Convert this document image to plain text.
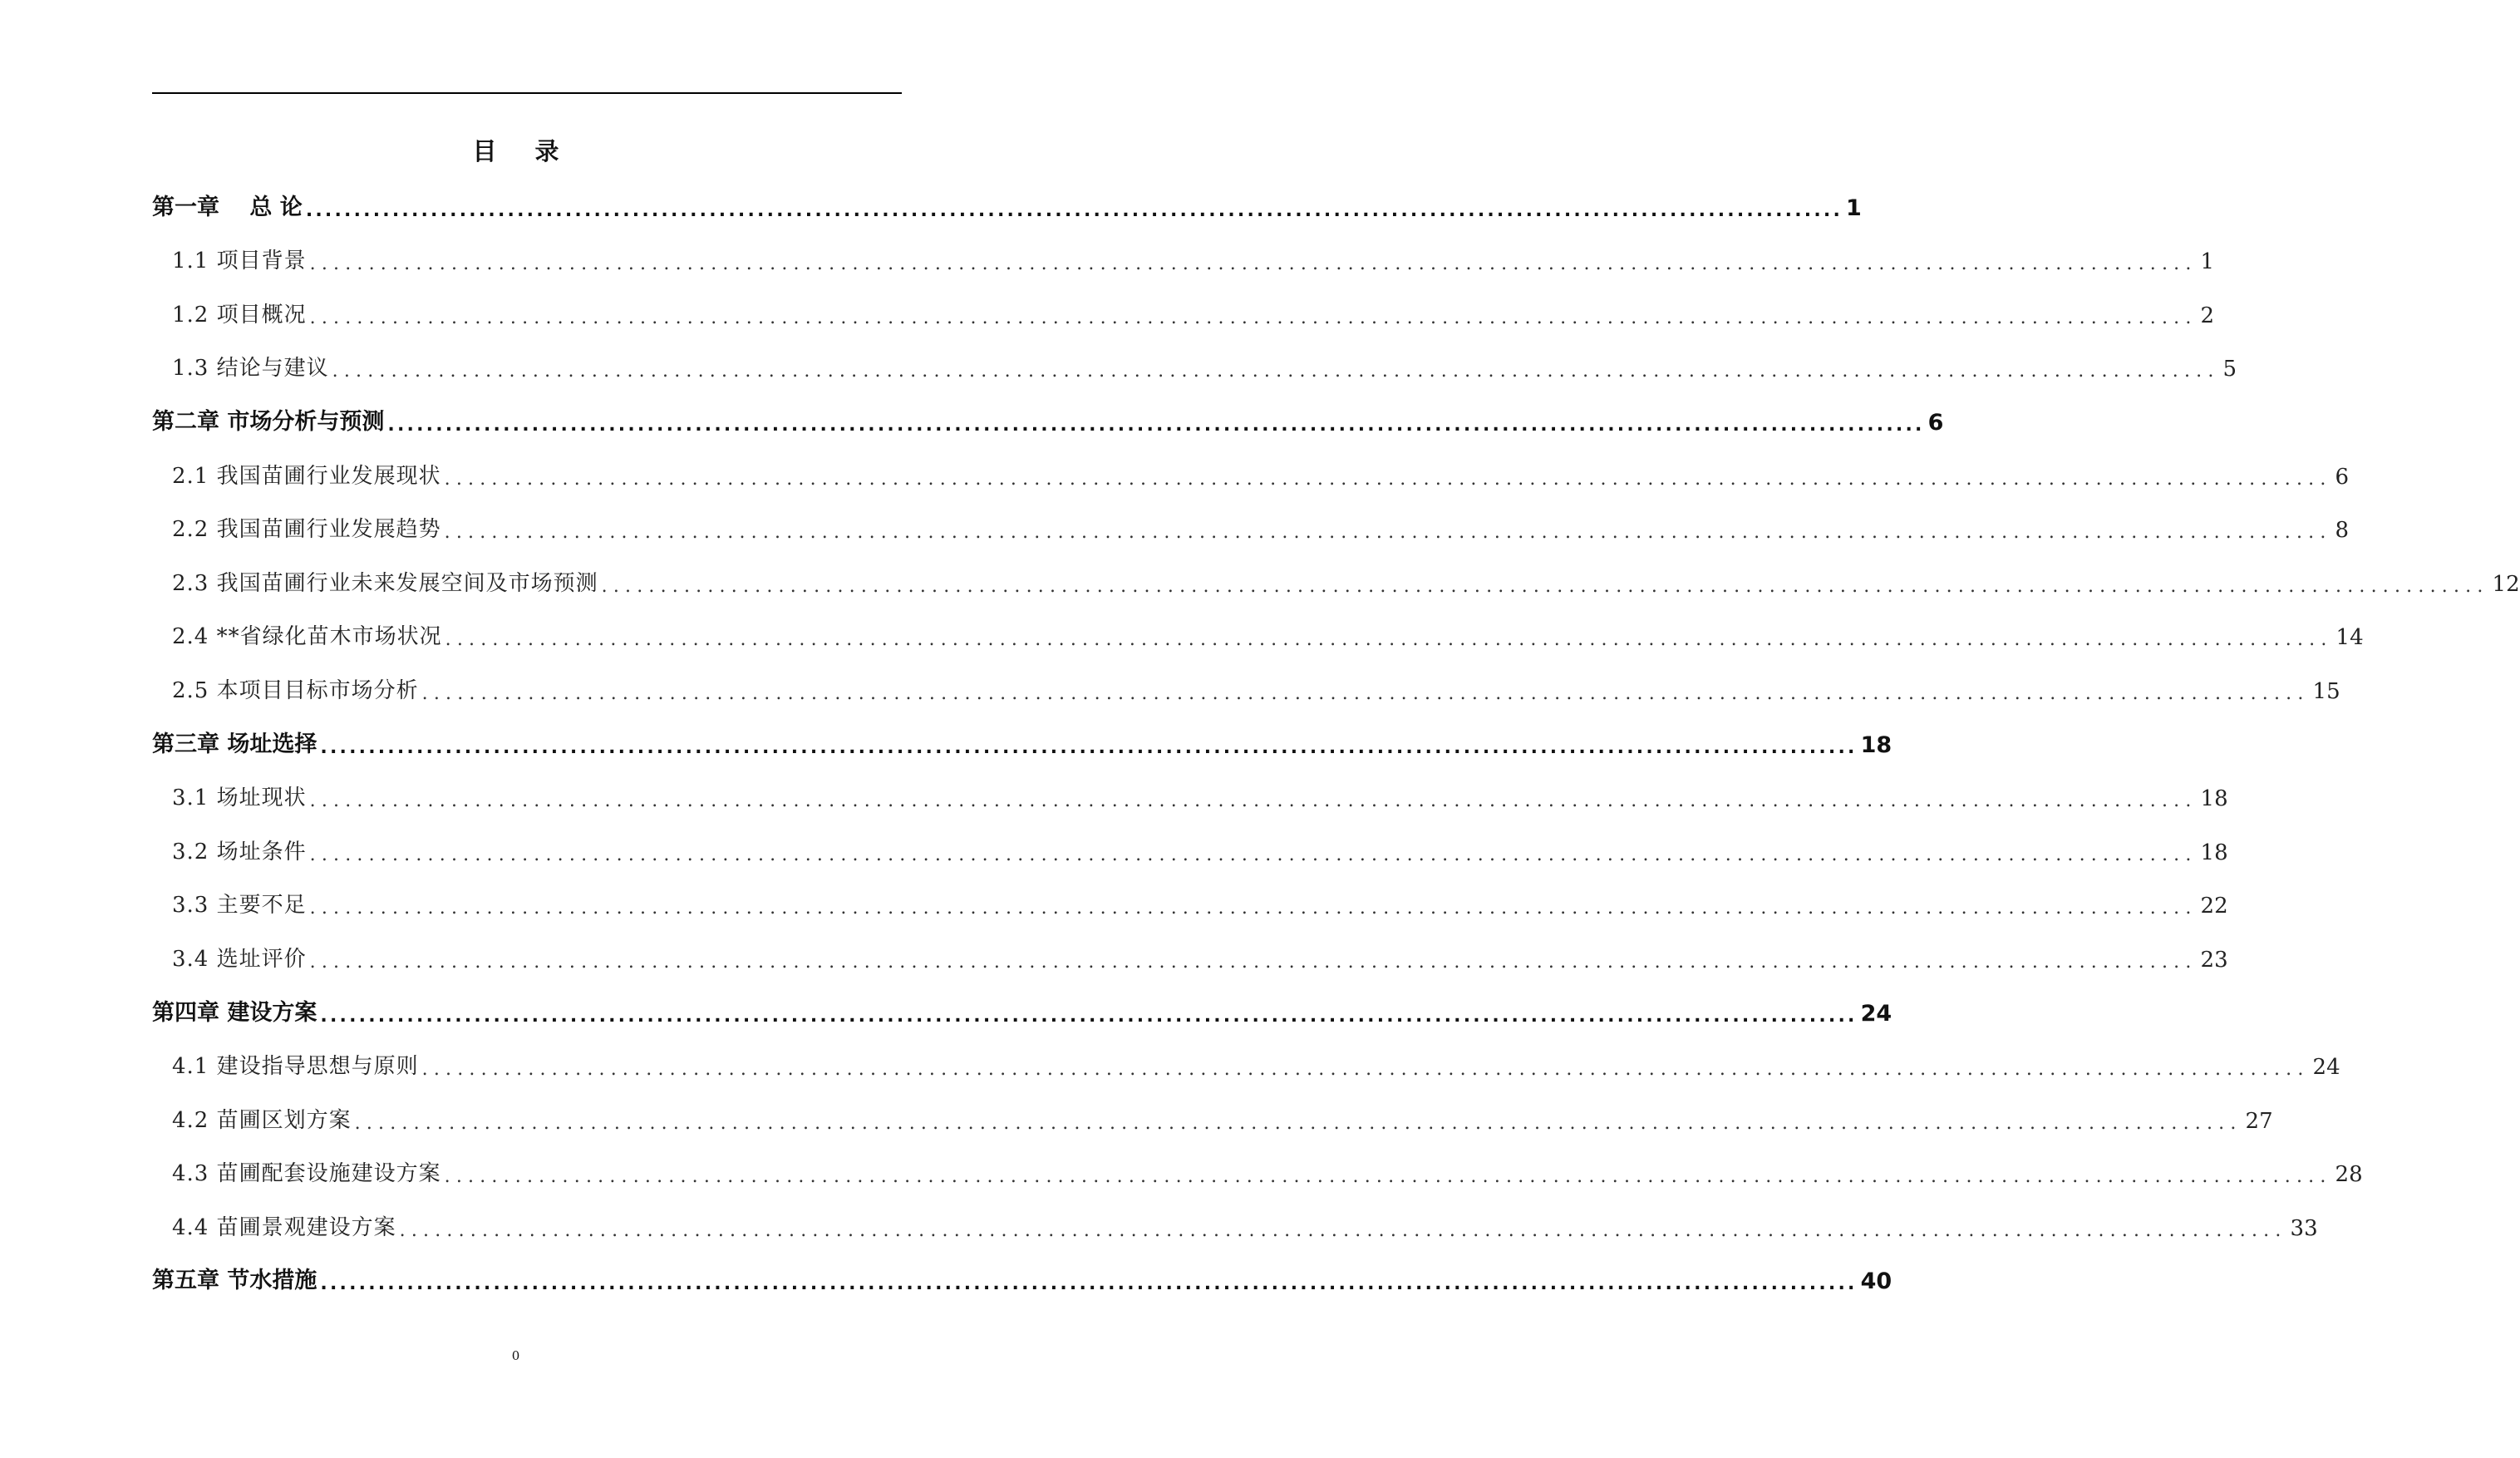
目 录
第一章　 总 论 ................................................................................................................................................................ 1
1.1 项目背景 ................................................................................................................................................................ 1
1.2 项目概况 ................................................................................................................................................................ 2
1.3 结论与建议 ................................................................................................................................................................ 5
第二章 市场分析与预测 ................................................................................................................................................................ 6
2.1 我国苗圃行业发展现状 ................................................................................................................................................................ 6
2.2 我国苗圃行业发展趋势 ................................................................................................................................................................ 8
2.3 我国苗圃行业未来发展空间及市场预测 ................................................................................................................................................................ 12
2.4 **省绿化苗木市场状况 ................................................................................................................................................................ 14
2.5 本项目目标市场分析 ................................................................................................................................................................ 15
第三章 场址选择 ................................................................................................................................................................ 18
3.1 场址现状 ................................................................................................................................................................ 18
3.2 场址条件 ................................................................................................................................................................ 18
3.3 主要不足 ................................................................................................................................................................ 22
3.4 选址评价 ................................................................................................................................................................ 23
第四章 建设方案 ................................................................................................................................................................ 24
4.1 建设指导思想与原则 ................................................................................................................................................................ 24
4.2 苗圃区划方案 ................................................................................................................................................................ 27
4.3 苗圃配套设施建设方案 ................................................................................................................................................................ 28
4.4 苗圃景观建设方案 ................................................................................................................................................................ 33
第五章 节水措施 ................................................................................................................................................................ 40
0
